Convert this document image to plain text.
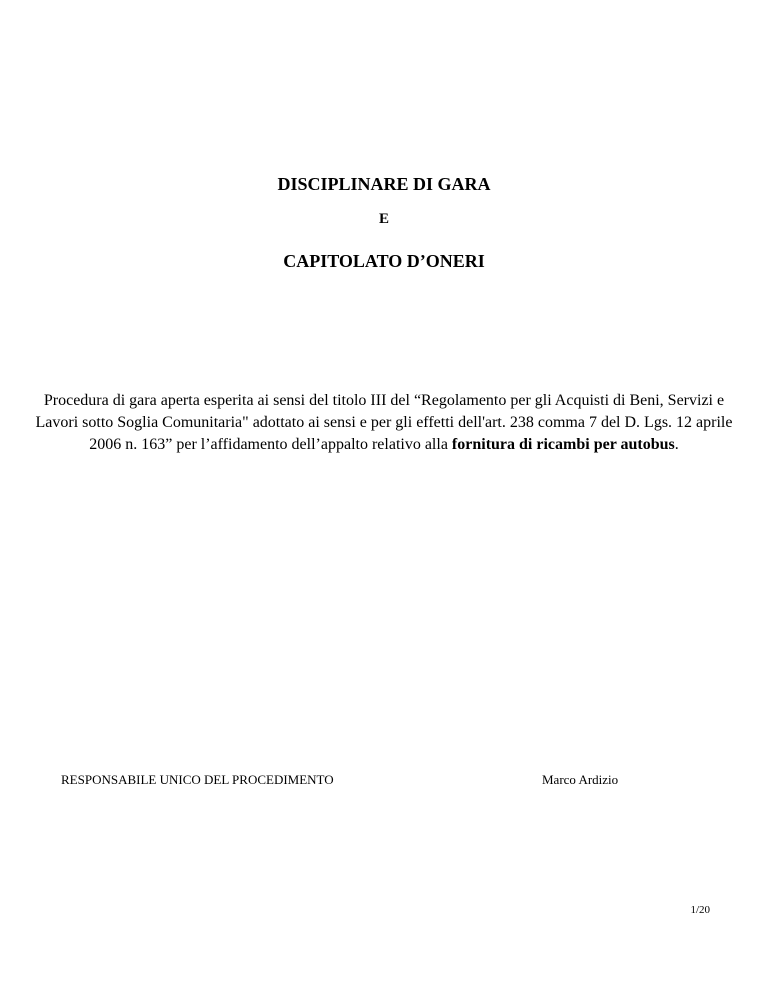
DISCIPLINARE DI GARA
E
CAPITOLATO D’ONERI

Procedura di gara aperta esperita ai sensi del titolo III del “Regolamento per gli Acquisti di Beni, Servizi e Lavori sotto Soglia Comunitaria" adottato ai sensi e per gli effetti dell'art. 238 comma 7 del D. Lgs. 12 aprile 2006 n. 163” per l’affidamento dell’appalto relativo alla fornitura di ricambi per autobus.

RESPONSABILE UNICO DEL PROCEDIMENTO	Marco Ardizio
1/20
